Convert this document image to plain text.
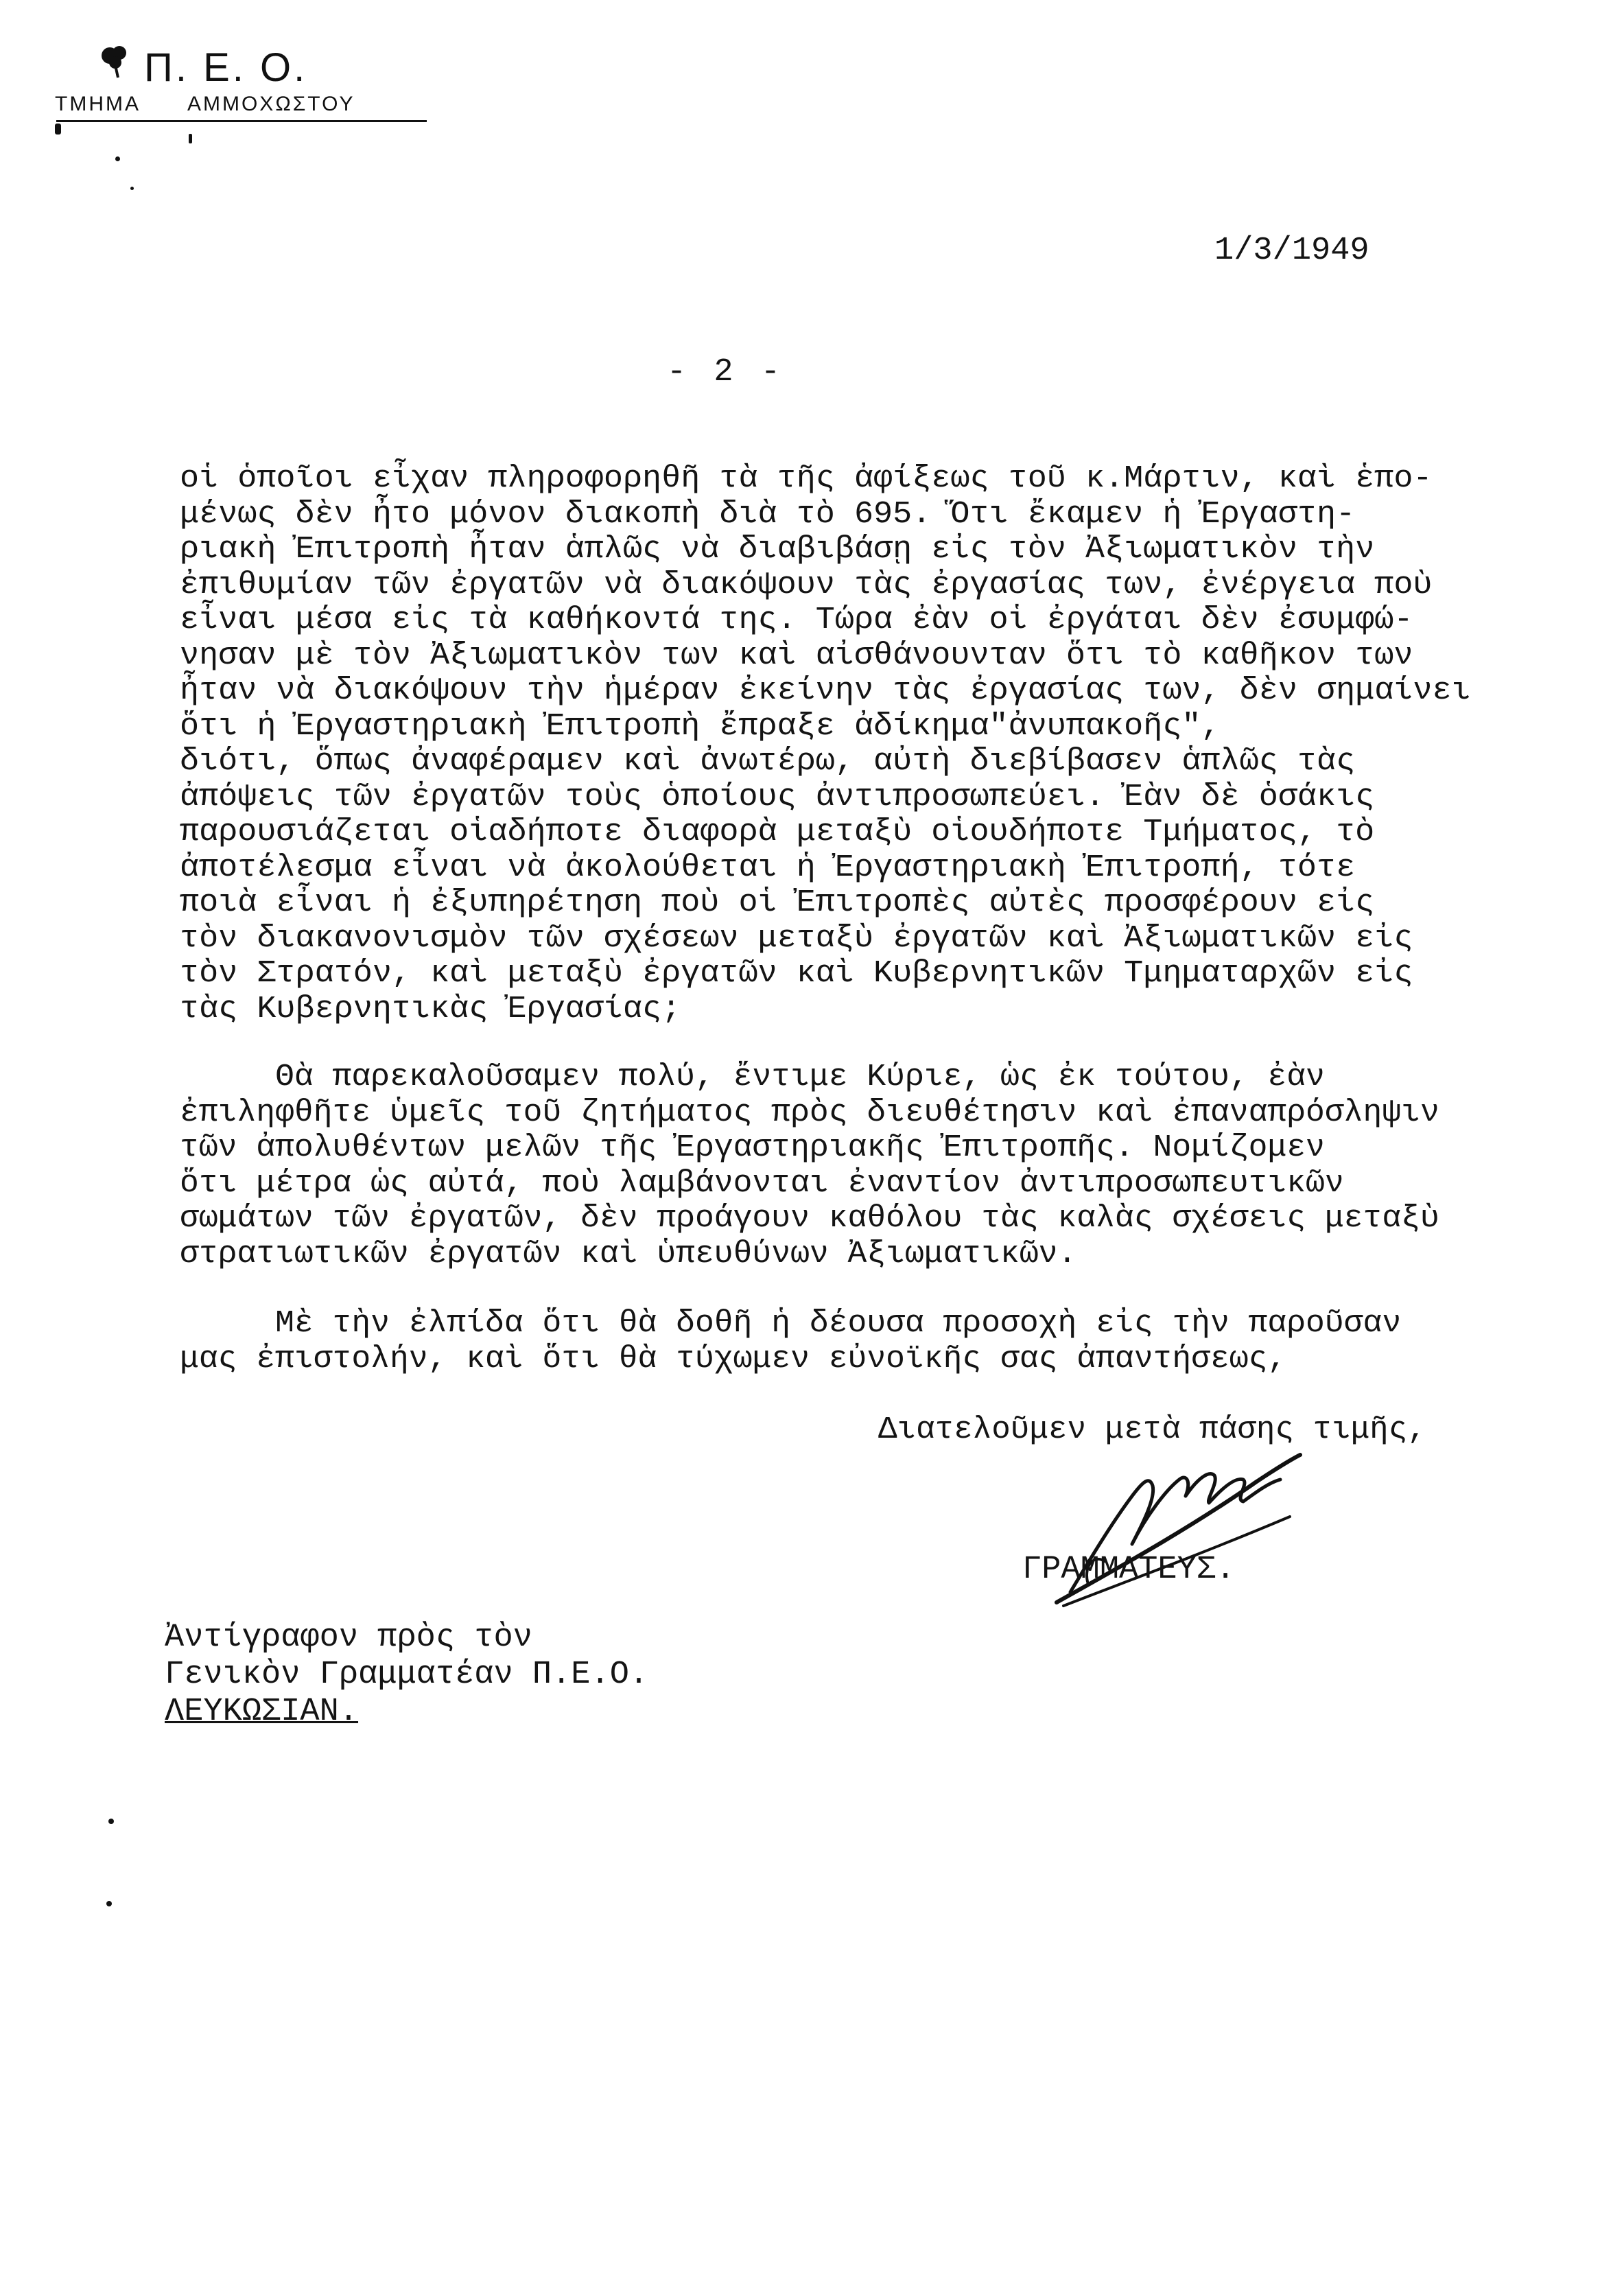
Π. Ε. Ο.
ΤΜΗΜΑ ΑΜΜΟΧΩΣΤΟΥ
1/3/1949
- 2 -
οἱ ὁποῖοι εἶχαν πληροφορηθῆ τὰ τῆς ἀφίξεως τοῦ κ.Μάρτιν, καὶ ἑπο-
μένως δὲν ἦτο μόνον διακοπὴ διὰ τὸ 695. Ὅτι ἔκαμεν ἡ Ἐργαστη-
ριακὴ Ἐπιτροπὴ ἦταν ἁπλῶς νὰ διαβιβάσῃ εἰς τὸν Ἀξιωματικὸν τὴν
ἐπιθυμίαν τῶν ἐργατῶν νὰ διακόψουν τὰς ἐργασίας των, ἐνέργεια ποὺ
εἶναι μέσα εἰς τὰ καθήκοντά της. Τώρα ἐὰν οἱ ἐργάται δὲν ἐσυμφώ-
νησαν μὲ τὸν Ἀξιωματικὸν των καὶ αἰσθάνουνταν ὅτι τὸ καθῆκον των
ἦταν νὰ διακόψουν τὴν ἡμέραν ἐκείνην τὰς ἐργασίας των, δὲν σημαίνει
ὅτι ἡ Ἐργαστηριακὴ Ἐπιτροπὴ ἔπραξε ἀδίκημα"ἀνυπακοῆς",
διότι, ὅπως ἀναφέραμεν καὶ ἀνωτέρω, αὐτὴ διεβίβασεν ἁπλῶς τὰς
ἀπόψεις τῶν ἐργατῶν τοὺς ὁποίους ἀντιπροσωπεύει. Ἐὰν δὲ ὁσάκις
παρουσιάζεται οἱαδήποτε διαφορὰ μεταξὺ οἱουδήποτε Τμήματος, τὸ
ἀποτέλεσμα εἶναι νὰ ἀκολούθεται ἡ Ἐργαστηριακὴ Ἐπιτροπή, τότε
ποιὰ εἶναι ἡ ἐξυπηρέτηση ποὺ οἱ Ἐπιτροπὲς αὐτὲς προσφέρουν εἰς
τὸν διακανονισμὸν τῶν σχέσεων μεταξὺ ἐργατῶν καὶ Ἀξιωματικῶν εἰς
τὸν Στρατόν, καὶ μεταξὺ ἐργατῶν καὶ Κυβερνητικῶν Τμηματαρχῶν εἰς
τὰς Κυβερνητικὰς Ἐργασίας;
Θὰ παρεκαλοῦσαμεν πολύ, ἔντιμε Κύριε, ὡς ἐκ τούτου, ἐὰν
ἐπιληφθῆτε ὑμεῖς τοῦ ζητήματος πρὸς διευθέτησιν καὶ ἐπαναπρόσληψιν
τῶν ἀπολυθέντων μελῶν τῆς Ἐργαστηριακῆς Ἐπιτροπῆς. Νομίζομεν
ὅτι μέτρα ὡς αὐτά, ποὺ λαμβάνονται ἐναντίον ἀντιπροσωπευτικῶν
σωμάτων τῶν ἐργατῶν, δὲν προάγουν καθόλου τὰς καλὰς σχέσεις μεταξὺ
στρατιωτικῶν ἐργατῶν καὶ ὑπευθύνων Ἀξιωματικῶν.
Μὲ τὴν ἐλπίδα ὅτι θὰ δοθῆ ἡ δέουσα προσοχὴ εἰς τὴν παροῦσαν
μας ἐπιστολήν, καὶ ὅτι θὰ τύχωμεν εὐνοϊκῆς σας ἀπαντήσεως,
Διατελοῦμεν μετὰ πάσης τιμῆς,
ΓΡΑΜΜΑΤΕΥΣ.
Ἀντίγραφον πρὸς τὸν
Γενικὸν Γραμματέαν Π.Ε.Ο.
ΛΕΥΚΩΣΙΑΝ.
